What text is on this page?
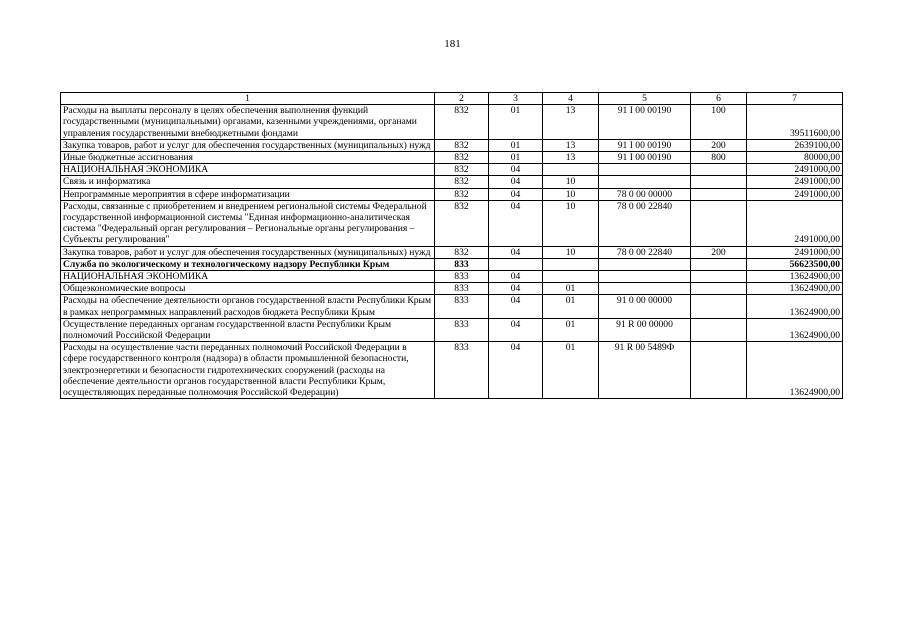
181
1	2	3	4	5	6	7
Расходы на выплаты персоналу в целях обеспечения выполнения функций государственными (муниципальными) органами, казенными учреждениями, органами управления государственными внебюджетными фондами	832	01	13	91 I 00 00190	100	39511600,00
Закупка товаров, работ и услуг для обеспечения государственных (муниципальных) нужд	832	01	13	91 I 00 00190	200	2639100,00
Иные бюджетные ассигнования	832	01	13	91 I 00 00190	800	80000,00
НАЦИОНАЛЬНАЯ ЭКОНОМИКА	832	04				2491000,00
Связь и информатика	832	04	10			2491000,00
Непрограммные мероприятия в сфере информатизации	832	04	10	78 0 00 00000		2491000,00
Расходы, связанные с приобретением и внедрением региональной системы Федеральной государственной информационной системы "Единая информационно-аналитическая система "Федеральный орган регулирования – Региональные органы регулирования – Субъекты регулирования"	832	04	10	78 0 00 22840		2491000,00
Закупка товаров, работ и услуг для обеспечения государственных (муниципальных) нужд	832	04	10	78 0 00 22840	200	2491000,00
Служба по экологическому и технологическому надзору Республики Крым	833					56623500,00
НАЦИОНАЛЬНАЯ ЭКОНОМИКА	833	04				13624900,00
Общеэкономические вопросы	833	04	01			13624900,00
Расходы на обеспечение деятельности органов государственной власти Республики Крым в рамках непрограммных направлений расходов бюджета Республики Крым	833	04	01	91 0 00 00000		13624900,00
Осуществление переданных органам государственной власти Республики Крым полномочий Российской Федерации	833	04	01	91 R 00 00000		13624900,00
Расходы на осуществление части переданных полномочий Российской Федерации в сфере государственного контроля (надзора) в области промышленной безопасности, электроэнергетики и безопасности гидротехнических сооружений (расходы на обеспечение деятельности органов государственной власти Республики Крым, осуществляющих переданные полномочия Российской Федерации)	833	04	01	91 R 00 5489Ф		13624900,00
